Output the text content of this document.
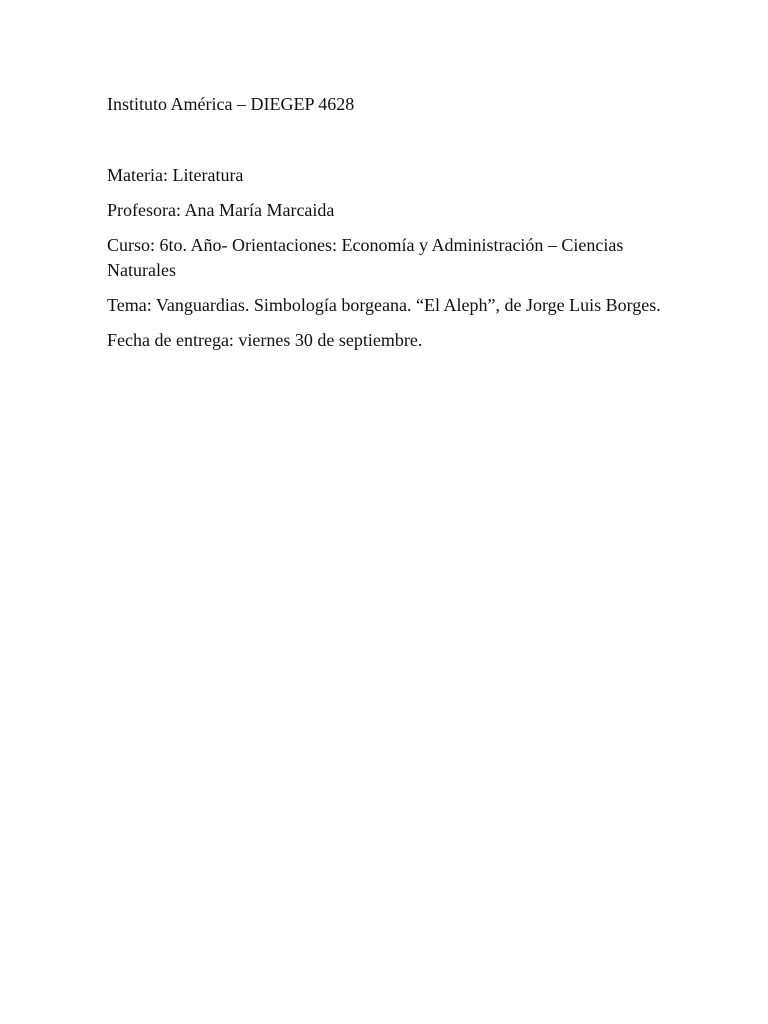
Instituto América – DIEGEP 4628

Materia: Literatura

Profesora: Ana María Marcaida

Curso: 6to. Año- Orientaciones: Economía y Administración – Ciencias Naturales

Tema: Vanguardias. Simbología borgeana. “El Aleph”, de Jorge Luis Borges.

Fecha de entrega: viernes 30 de septiembre.
